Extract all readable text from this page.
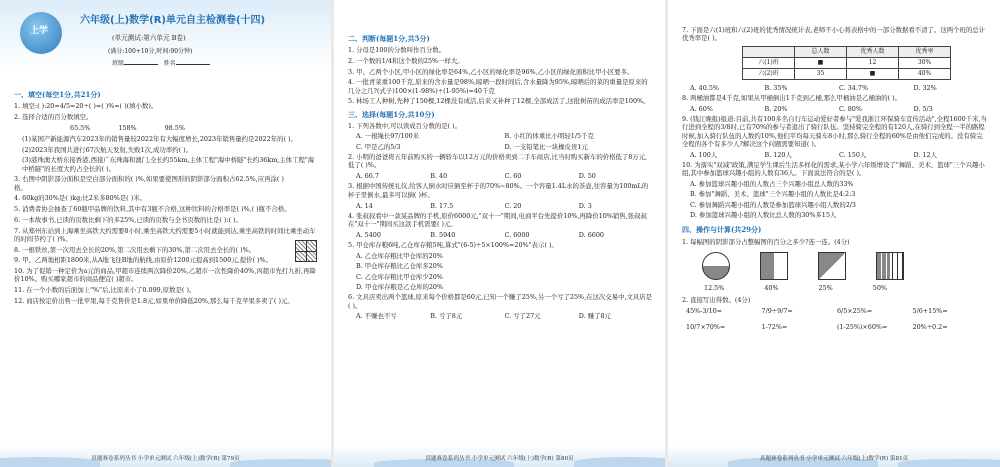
上学
六年级(上)数学(R)单元自主检测卷(十四)
(单元测试:第六单元 B卷)
(满分:100+10分,时间:90分钟)
班级	姓名
一、填空(每空1分,共21分)
1. 填空:( ):20=4/5=20÷( )=( )%=( )(填小数)。
2. 选择合适的百分数填空。
65.5%	158%	98.5%
(1)某国产新能源汽车2023年的销售量较2022年有大幅度增长,2023年销售量约是2022年的( )。
(2)2023年我国共进行67次航天发射,失败1次,成功率约( )。
(3)港珠澳大桥东接香港,西接广东珠海和澳门,全长约55km,主体工程"海中桥隧"长约36km,主体工程"海中桥隧"的长度大约占全长的( )。
3. 右图中阴影部分面积是空白部分面积的( )%,如果要使图形的阴影部分面积占62.5%,应再涂( )格。
4. 60kg的30%是( )kg;比2米多80%是( )米。
5. 消费者协会抽查了60瓶甲品牌的饮料,其中有3瓶不合格,这种饮料的合格率是( )%,( )瓶不合格。
6. 一本故事书,已读的页数比剩下的多25%,已读的页数与全书页数的比是( ):( )。
7. 从郑州东站到上海乘坐高铁大约需要8小时,乘坐高铁大约需要5小时就能到达,乘坐高铁的时间比乘坐动车的时间节约了( )%。
8. 一根铁丝,第一次用去全长的20%,第二次用去剩下的30%,第二次用去全长的( )%。
9. 甲、乙两地相距1800米,从A地飞往B地的航线,由原价1200元提高到1500元,提价( )%。
10. 为了促销一种定价为a元的商品,甲超市连续两次降价20%,乙超市一次性降价40%,丙超市先打九折,再降价10%。购买哪家超市的商品便宜( )超市。
11. 在一个小数的后面加上"%"后,比原来小了0.099,原数是( )。
12. 商店按定价出售一批苹果,每千克售价是1.8元,如果单价降低20%,那么每千克苹果多卖了( )元。
真题赛卷系列丛书 小学单元测试 六年级(上)数学(R) 第79页
二、判断(每题1分,共5分)
1. 分母是100的分数叫作百分数。
2. 一个数的1/4和这个数的25%一样大。
3. 甲、乙两个小区,甲小区的绿化率是64%,乙小区的绿化率是96%,乙小区的绿化面积比甲小区要多。
4. 一批青菜重100千克,原来的含水量是98%,晾晒一段时间后,含水量降为95%,晾晒后的菜的重量是原来的几分之几?(式子)100×(1-98%)÷(1-95%)=40千克
5. 林场工人种树,先种了150棵,12棵没有成活,后来又补种了12棵,全部成活了,这批树苗的成活率是100%。
三、选择(每题1分,共10分)
1. 下列各数中,可以读成百分数的是( )。
A. 一根绳长97/100米	B. 小红的体重比小明轻1/5千克
C. 甲是乙的5/3	D. 一支铅笔比一块橡皮贵1元
2. 小明的爸爸将五年前购买的一辆轿车以12万元的价格卖到二手车商店,比当时购买新车的价格低了8万元,低了( )%。
A. 66.7	B. 40	C. 60	D. 50
3. 根据中国传统礼仪,给客人倒水时应倒至杯子的70%~80%。一个容量1.4L水的茶壶,往容量为100mL的杯子里倒水,最多可以倒( )杯。
A. 14	B. 17.5	C. 20	D. 3
4. 张叔叔看中一款某品牌的手机,原价6000元,"双十一"期间,电商平台先提价10%,再降价10%销售,张叔叔在"双十一"期间买这款手机需要( )元。
A. 5400	B. 5940	C. 6000	D. 6600
5. 甲仓库存粮6吨,乙仓库存粮5吨,算式"(6-5)÷5×100%=20%"表示( )。
A. 乙仓库存粮比甲仓库的20%
B. 甲仓库存粮比乙仓库多20%
C. 乙仓库存粮比甲仓库少20%
D. 甲仓库存粮是乙仓库的20%
6. 文具店卖出两个篮球,原来每个价格都是60元,已知一个赚了25%,另一个亏了25%,在这次交易中,文具店是( )。
A. 不赚也不亏	B. 亏了8元	C. 亏了27元	D. 赚了8元
真题赛卷系列丛书 小学单元测试 六年级(上)数学(R) 第80页
7. 下面是六(1)班和六(2)班的优秀情况统计表,老师不小心将表格中的一部分数据看不清了。这两个班的总计优秀率是( )。
	总人数	优秀人数	优秀率
六(1)班	■	12	30%
六(2)班	35	■	40%
A. 40.5%	B. 35%	C. 34.7%	D. 32%
8. 两桶油都是4千克,如果从甲桶倒出1千克到乙桶,那么甲桶油是乙桶油的( )。
A. 60%	B. 20%	C. 80%	D. 5/3
9. (钱江晚报)报道:目前,共有100多名自行车运动爱好者参与"爱我浙江环保骑车宣传活动",全程1600千米,当行进到全程的3/8时,已有70%的参与者退出了骑行队伍。坚持骑完全程的有120人,在骑行到全程一半的路程时候,加入骑行队伍的人数约10%,他们平均每天骑车8小时,那么骑行全程的60%是由他们完成的。没有骑完全程的各个有多少人?解决这个问题需要知道( )。
A. 100人	B. 120人	C. 150人	D. 12人
10. 为落实"双减"政策,满足学生课后生活多样化的需求,某小学六年级增设了"舞蹈、美术、篮球"三个兴趣小组,其中参加篮球兴趣小组的人数有36人。下面说法符合的是( )。
A. 参加篮球兴趣小组的人数占三个兴趣小组总人数的33%
B. 参加"舞蹈、美术、篮球"三个兴趣小组的人数比是4:2:3
C. 参加舞蹈兴趣小组的人数是参加篮球兴趣小组人数的2/3
D. 参加篮球兴趣小组的人数比总人数的30%多15人
四、操作与计算(共29分)
1. 每幅图的阴影部分占整幅图的百分之多少?连一连。(4分)
12.5%	40%	25%	50%
2. 直接写出得数。(4分)
45%-3/10=	7/9÷9/7=	6/5×25%=	5/6+15%=
10/7×70%=	1-72%=	(1-25%)×60%=	20%÷0.2=
真题赛卷系列丛书 小学单元测试 六年级(上)数学(R) 第81页
